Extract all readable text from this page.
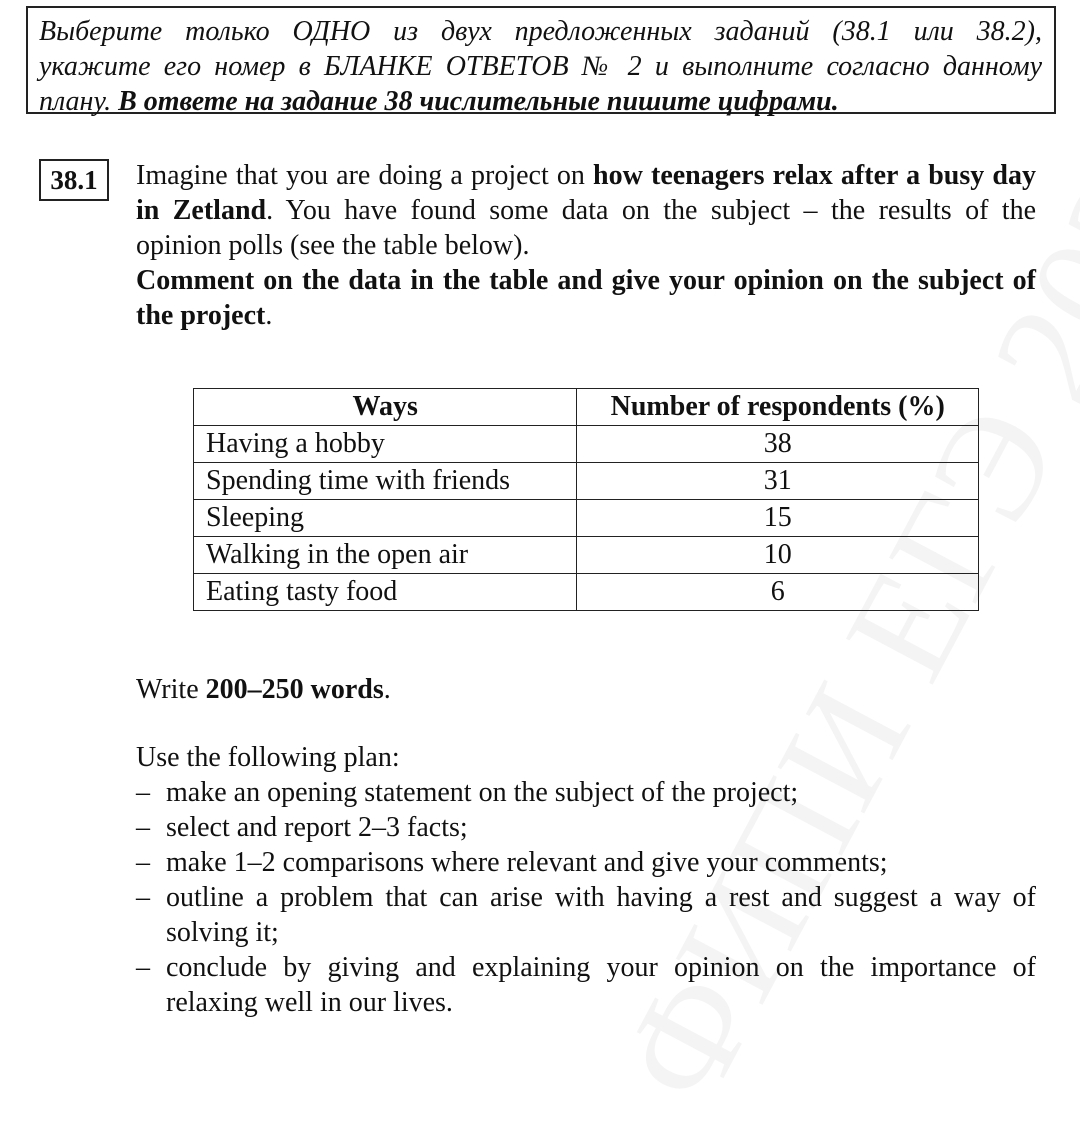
Выберите только ОДНО из двух предложенных заданий (38.1 или 38.2),
укажите его номер в БЛАНКЕ ОТВЕТОВ № 2 и выполните согласно данному
плану. В ответе на задание 38 числительные пишите цифрами.
38.1	Imagine that you are doing a project on how teenagers relax after a busy day in Zetland. You have found some data on the subject – the results of the opinion polls (see the table below).

Comment on the data in the table and give your opinion on the subject of the project.

Ways	Number of respondents (%)
Having a hobby	38
Spending time with friends	31
Sleeping	15
Walking in the open air	10
Eating tasty food	6
Write 200–250 words.
Use the following plan:
– make an opening statement on the subject of the project;
– select and report 2–3 facts;
– make 1–2 comparisons where relevant and give your comments;
– outline a problem that can arise with having a rest and suggest a way of solving it;
– conclude by giving and explaining your opinion on the importance of relaxing well in our lives.
